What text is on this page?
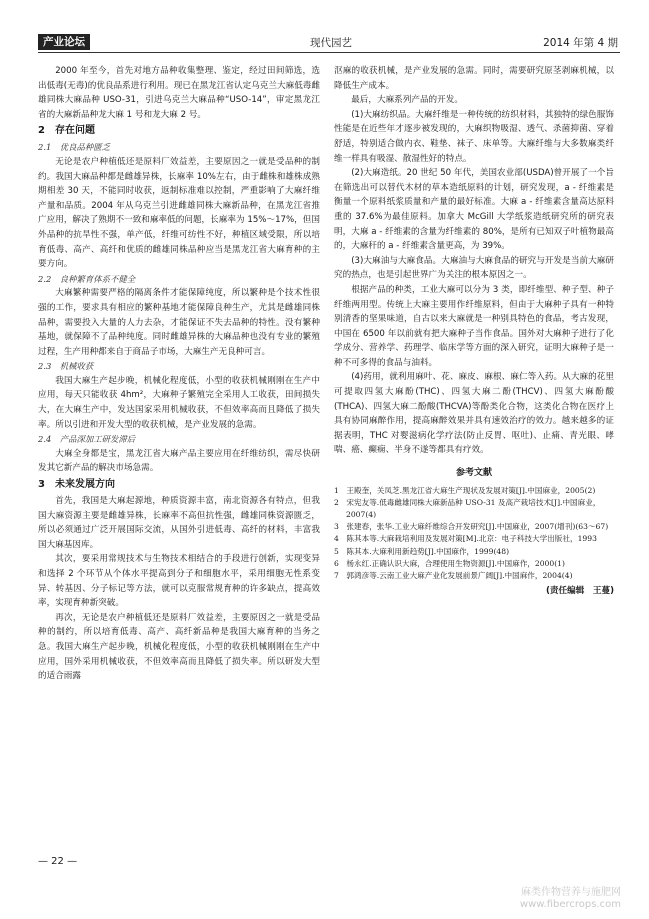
产业论坛	现代园艺	2014 年第 4 期

2000 年至今，首先对地方品种收集整理、鉴定，经过田间筛选，选出低毒(无毒)的优良品系进行利用。现已在黑龙江省认定乌克兰大麻低毒雌雄同株大麻品种 USO-31，引进乌克兰大麻品种“USO-14”，审定黑龙江省的大麻新品种龙大麻 1 号和龙大麻 2 号。

2　存在问题
2.1　优良品种匮乏

无论是农户种植低还是原料厂效益差，主要原因之一就是受品种的制约。我国大麻品种都是雌雄异株，长麻率 10%左右，由于雌株和雄株成熟期相差 30 天，不能同时收获，返制标准难以控制，严重影响了大麻纤维产量和品质。2004 年从乌克兰引进雌雄同株大麻新品种，在黑龙江省推广应用，解决了熟期不一致和麻率低的问题，长麻率为 15%～17%，但国外品种的抗旱性不强，单产低，纤维可纺性不好，种植区域受限，所以培育低毒、高产、高纤和优质的雌雄同株品种应当是黑龙江省大麻育种的主要方向。

2.2　良种繁育体系不健全

大麻繁种需要严格的隔离条件才能保障纯度，所以繁种是个技术性很强的工作，要求具有相应的繁种基地才能保障良种生产，尤其是雌雄同株品种，需要投入大量的人力去杂，才能保证不失去品种的特性。没有繁种基地，就保障不了品种纯度。同时雌雄异株的大麻品种也没有专业的繁殖过程，生产用种都来自于商品子市场，大麻生产无良种可言。

2.3　机械收获

我国大麻生产起步晚，机械化程度低，小型的收获机械刚刚在生产中应用，每天只能收获 4hm²，大麻种子繁殖完全采用人工收获，田间损失大，在大麻生产中，发达国家采用机械收获，不但效率高而且降低了损失率。所以引进和开发大型的收获机械，是产业发展的急需。

2.4　产品深加工研发滞后

大麻全身都是宝，黑龙江省大麻产品主要应用在纤维纺织，需尽快研发其它新产品的解决市场急需。

3　未来发展方向

首先，我国是大麻起源地，种质资源丰富，南北资源各有特点，但我国大麻资源主要是雌雄异株，长麻率不高但抗性强，雌雄同株资源匮乏，所以必须通过广泛开展国际交流，从国外引进低毒、高纤的材料，丰富我国大麻基因库。

其次，要采用常规技术与生物技术相结合的手段进行创新，实现变异和选择 2 个环节从个体水平提高到分子和细胞水平，采用细胞无性系变异、转基因、分子标记等方法，就可以克服常规育种的许多缺点，提高效率，实现育种新突破。

再次，无论是农户种植低还是原料厂效益差，主要原因之一就是受品种的制约，所以培育低毒、高产、高纤新品种是我国大麻育种的当务之急。我国大麻生产起步晚，机械化程度低，小型的收获机械刚刚在生产中应用，国外采用机械收获，不但效率高而且降低了损失率。所以研发大型的适合雨露

沤麻的收获机械，是产业发展的急需。同时，需要研究原茎剥麻机械，以降低生产成本。

最后，大麻系列产品的开发。

(1)大麻纺织品。大麻纤维是一种传统的纺织材料，其独特的绿色服饰性能是在近些年才逐步被发现的，大麻织物吸湿、透气、杀菌抑菌、穿着舒适，特别适合做内衣、鞋垫、袜子、床单等。大麻纤维与大多数麻类纤维一样具有吸湿、散湿性好的特点。

(2)大麻造纸。20 世纪 50 年代，美国农业部(USDA)曾开展了一个旨在筛选出可以替代木材的草本造纸原料的计划，研究发现，a - 纤维素是衡量一个原料纸浆质量和产量的最好标准。大麻 a - 纤维素含量高达原料重的 37.6%为最佳原料。加拿大 McGill 大学纸浆造纸研究所的研究表明，大麻 a - 纤维素的含量为纤维素的 80%，是所有已知双子叶植物最高的，大麻秆的 a - 纤维素含量更高，为 39%。

(3)大麻油与大麻食品。大麻油与大麻食品的研究与开发是当前大麻研究的热点，也是引起世界广为关注的根本原因之一。

根据产品的种类，工业大麻可以分为 3 类，即纤维型、种子型、种子纤维两用型。传统上大麻主要用作纤维原料，但由于大麻种子具有一种特别清香的坚果味道，自古以来大麻就是一种别具特色的食品，考古发现，中国在 6500 年以前就有把大麻种子当作食品。国外对大麻种子进行了化学成分、营养学、药理学、临床学等方面的深入研究，证明大麻种子是一种不可多得的食品与油料。

(4)药用，就利用麻叶、花、麻皮、麻根、麻仁等入药。从大麻的花里可提取四氢大麻酚(THC)、四氢大麻二酚(THCV)、四氢大麻酚酸(THCA)、四氢大麻二酚酸(THCVA)等酚类化合物，这类化合物在医疗上具有协同麻醉作用，提高麻醉效果并具有速效治疗的效力。越来越多的证据表明，THC 对婴滋病化学疗法(防止反胃、呕吐)、止痛、青光眼、哮喘、癌、癫痫、半身不遂等都具有疗效。

参考文献
1　王殿奎，关凤芝.黑龙江省大麻生产现状及发展对策[J].中国麻业，2005(2)
2　宋宪友等.低毒雌雄同株大麻新品种 USO-31 及高产栽培技术[J].中国麻业，2007(4)
3　张建春，张华.工业大麻纤维综合开发研究[J].中国麻业，2007(增刊)(63～67)
4　陈其本等.大麻栽培利用及发展对策[M].北京：电子科技大学出版社，1993
5　陈其本.大麻利用新趋势[J].中国麻作，1999(48)
6　杨永红.正确认识大麻，合理使用生物资源[J].中国麻作，2000(1)
7　郭鸿彦等.云南工业大麻产业化发展前景广阔[J].中国麻作，2004(4)
(责任编辑　王蔓)
— 22 —
麻类作物营养与施肥网
www.fibercrops.com
